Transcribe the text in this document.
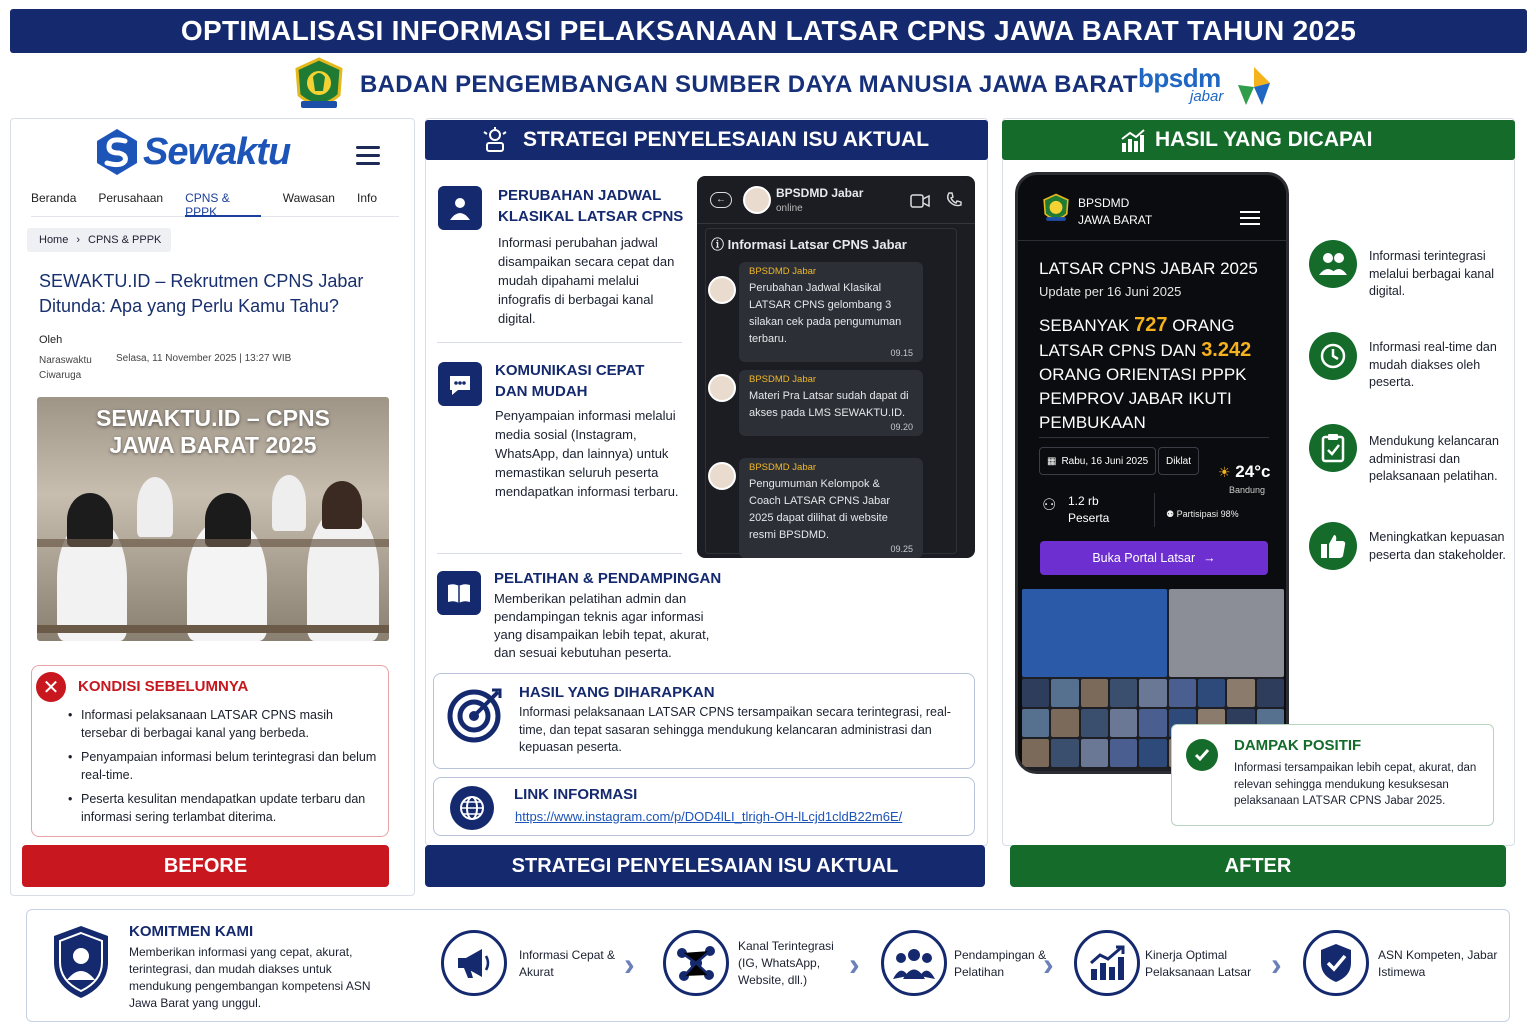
OPTIMALISASI INFORMASI PELAKSANAAN LATSAR CPNS JAWA BARAT TAHUN 2025
BADAN PENGEMBANGAN SUMBER DAYA MANUSIA JAWA BARAT bpsdm
jabar
Sewaktu
Beranda Perusahaan CPNS & PPPK
Wawasan Info
Home › CPNS & PPPK
SEWAKTU.ID – Rekrutmen CPNS Jabar Ditunda: Apa yang Perlu Kamu Tahu?
Oleh
Naraswaktu Ciwaruga
Selasa, 11 November 2025 | 13:27 WIB
SEWAKTU.ID – CPNS
JAWA BARAT 2025
✕	KONDISI SEBELUMNYA
• Informasi pelaksanaan LATSAR CPNS masih tersebar di berbagai kanal yang berbeda.
• Penyampaian informasi belum terintegrasi dan belum real-time.
• Peserta kesulitan mendapatkan update terbaru dan informasi sering terlambat diterima.
BEFORE
STRATEGI PENYELESAIAN ISU AKTUAL
PERUBAHAN JADWAL KLASIKAL LATSAR CPNS
Informasi perubahan jadwal disampaikan secara cepat dan mudah dipahami melalui infografis di berbagai kanal digital.
KOMUNIKASI CEPAT DAN MUDAH
Penyampaian informasi melalui media sosial (Instagram, WhatsApp, dan lainnya) untuk memastikan seluruh peserta mendapatkan informasi terbaru.
PELATIHAN & PENDAMPINGAN
Memberikan pelatihan admin dan pendampingan teknis agar informasi yang disampaikan lebih tepat, akurat, dan sesuai kebutuhan peserta.
←	BPSDMD Jabar
online
ⓘ Informasi Latsar CPNS Jabar
BPSDMD Jabar
Perubahan Jadwal Klasikal LATSAR CPNS gelombang 3 silakan cek pada pengumuman terbaru.
09.15
BPSDMD Jabar
Materi Pra Latsar sudah dapat di akses pada LMS SEWAKTU.ID.
09.20
BPSDMD Jabar
Pengumuman Kelompok & Coach LATSAR CPNS Jabar 2025 dapat dilihat di website resmi BPSDMD.
09.25
HASIL YANG DIHARAPKAN
Informasi pelaksanaan LATSAR CPNS tersampaikan secara terintegrasi, real-time, dan tepat sasaran sehingga mendukung kelancaran administrasi dan kepuasan peserta.
LINK INFORMASI
https://www.instagram.com/p/DOD4lLI_tlrigh-OH-lLcjd1cldB22m6E/
STRATEGI PENYELESAIAN ISU AKTUAL
HASIL YANG DICAPAI
BPSDMD
JAWA BARAT
LATSAR CPNS JABAR 2025
Update per 16 Juni 2025
SEBANYAK 727 ORANG LATSAR CPNS DAN 3.242 ORANG ORIENTASI PPPK PEMPROV JABAR IKUTI PEMBUKAAN
▦ Rabu, 16 Juni 2025	Diklat
☀ 24°c
Bandung
⚇ 1.2 rb
Peserta	⚉ Partisipasi 98%
Buka Portal Latsar →
Informasi terintegrasi melalui berbagai kanal digital.
Informasi real-time dan mudah diakses oleh peserta.
Mendukung kelancaran administrasi dan pelaksanaan pelatihan.
Meningkatkan kepuasan peserta dan stakeholder.
DAMPAK POSITIF

Informasi tersampaikan lebih cepat, akurat, dan relevan sehingga mendukung kesuksesan pelaksanaan LATSAR CPNS Jabar 2025.

AFTER
KOMITMEN KAMI

Memberikan informasi yang cepat, akurat, terintegrasi, dan mudah diakses untuk mendukung pengembangan kompetensi ASN Jawa Barat yang unggul.

Informasi Cepat & Akurat	›	Kanal Terintegrasi (IG, WhatsApp, Website, dll.)	›	Pendampingan & Pelatihan	›	Kinerja Optimal Pelaksanaan Latsar ›	ASN Kompeten, Jabar Istimewa
